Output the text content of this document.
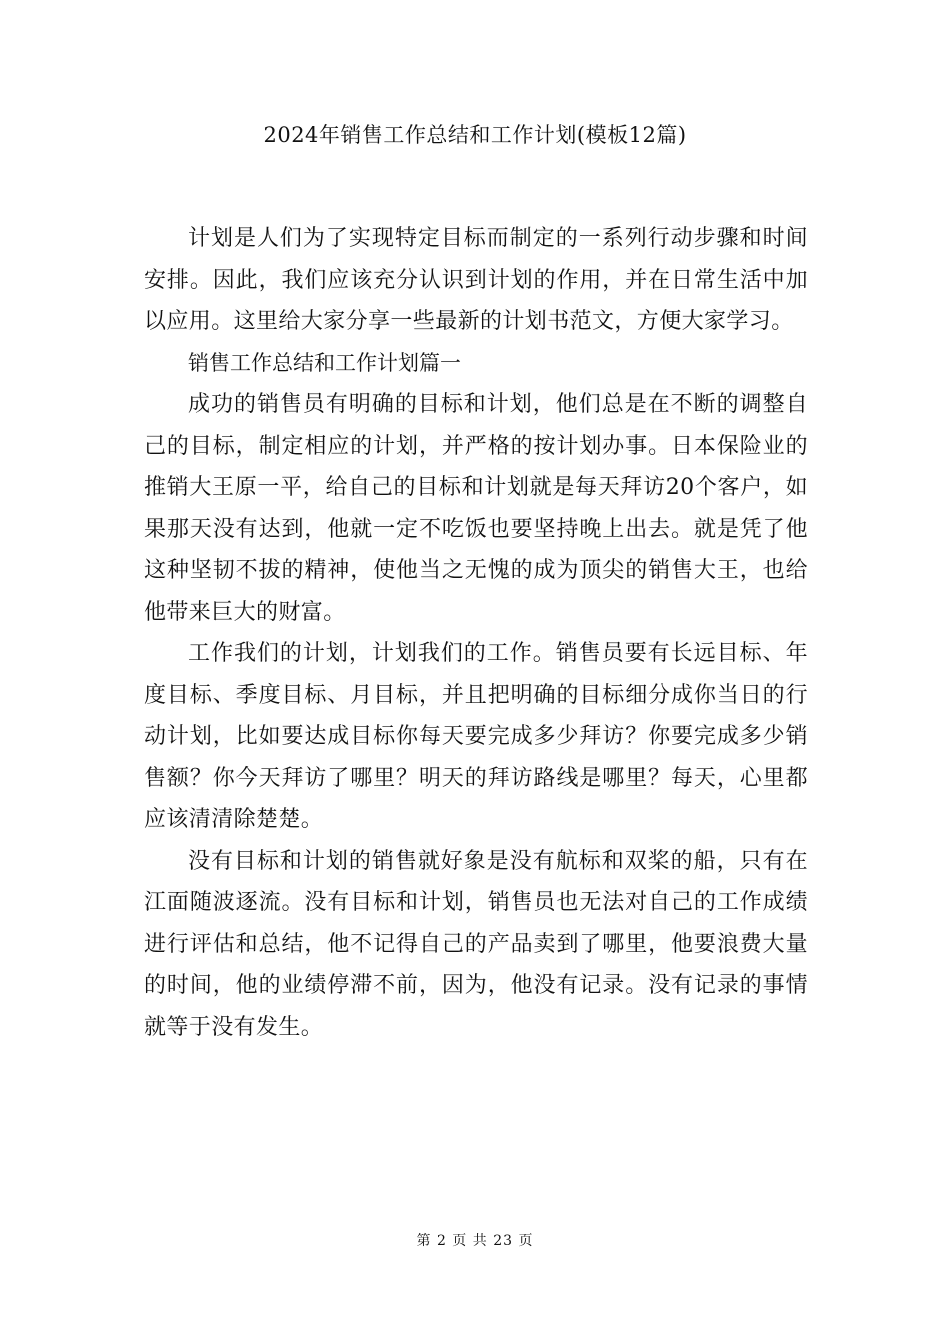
2024年销售工作总结和工作计划(模板12篇)

计划是人们为了实现特定目标而制定的一系列行动步骤和时间安排。因此，我们应该充分认识到计划的作用，并在日常生活中加以应用。这里给大家分享一些最新的计划书范文，方便大家学习。

销售工作总结和工作计划篇一

成功的销售员有明确的目标和计划，他们总是在不断的调整自己的目标，制定相应的计划，并严格的按计划办事。日本保险业的推销大王原一平，给自己的目标和计划就是每天拜访20个客户，如果那天没有达到，他就一定不吃饭也要坚持晚上出去。就是凭了他这种坚韧不拔的精神，使他当之无愧的成为顶尖的销售大王，也给他带来巨大的财富。

工作我们的计划，计划我们的工作。销售员要有长远目标、年度目标、季度目标、月目标，并且把明确的目标细分成你当日的行动计划，比如要达成目标你每天要完成多少拜访？你要完成多少销售额？你今天拜访了哪里？明天的拜访路线是哪里？每天，心里都应该清清除楚楚。

没有目标和计划的销售就好象是没有航标和双桨的船，只有在江面随波逐流。没有目标和计划，销售员也无法对自己的工作成绩进行评估和总结，他不记得自己的产品卖到了哪里，他要浪费大量的时间，他的业绩停滞不前，因为，他没有记录。没有记录的事情就等于没有发生。

第 2 页 共 23 页
